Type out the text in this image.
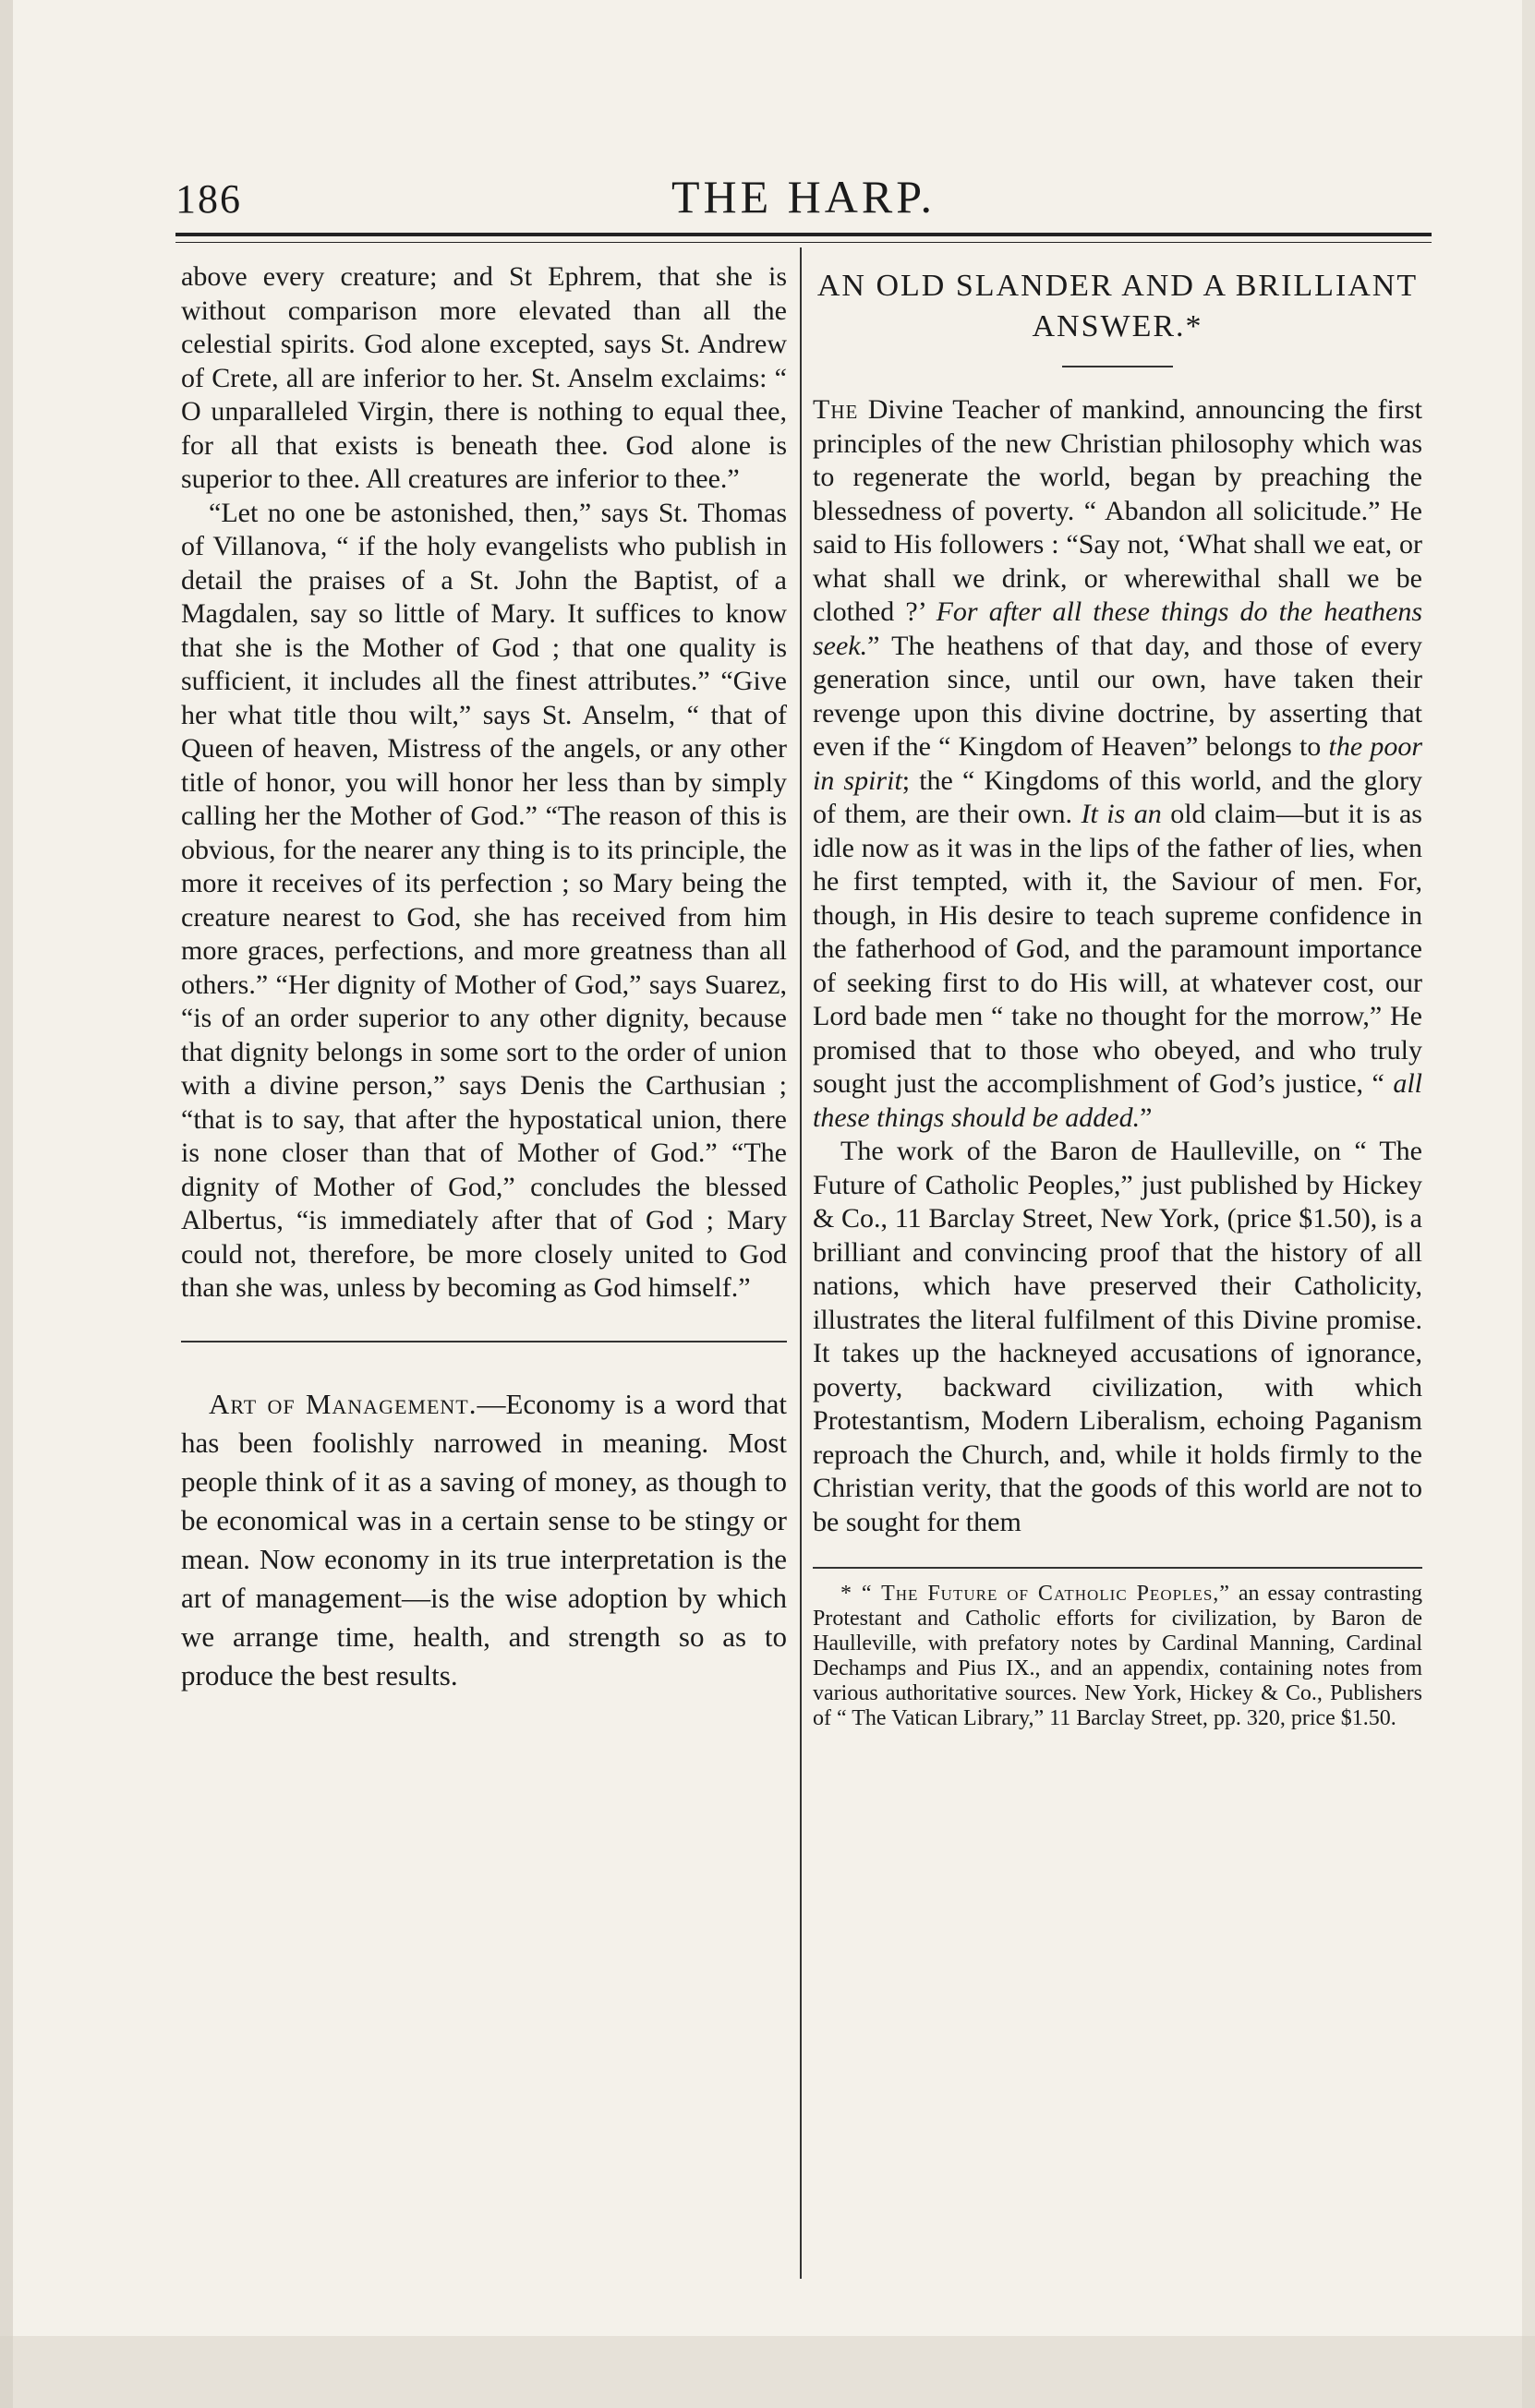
186	THE HARP.

above every creature; and St Ephrem, that she is without comparison more elevated than all the celestial spirits. God alone excepted, says St. Andrew of Crete, all are inferior to her. St. Anselm exclaims: “ O unparalleled Virgin, there is nothing to equal thee, for all that exists is beneath thee. God alone is superior to thee. All creatures are inferior to thee.”

“Let no one be astonished, then,” says St. Thomas of Villanova, “ if the holy evangelists who publish in detail the praises of a St. John the Baptist, of a Magdalen, say so little of Mary. It suffices to know that she is the Mother of God ; that one quality is sufficient, it includes all the finest attributes.” “Give her what title thou wilt,” says St. Anselm, “ that of Queen of heaven, Mistress of the angels, or any other title of honor, you will honor her less than by simply calling her the Mother of God.” “The reason of this is obvious, for the nearer any thing is to its principle, the more it receives of its perfection ; so Mary being the creature nearest to God, she has received from him more graces, perfections, and more greatness than all others.” “Her dignity of Mother of God,” says Suarez, “is of an order superior to any other dignity, because that dignity belongs in some sort to the order of union with a divine person,” says Denis the Carthusian ; “that is to say, that after the hypostatical union, there is none closer than that of Mother of God.” “The dignity of Mother of God,” concludes the blessed Albertus, “is immediately after that of God ; Mary could not, therefore, be more closely united to God than she was, unless by becoming as God himself.”

Art of Management.—Economy is a word that has been foolishly narrowed in meaning. Most people think of it as a saving of money, as though to be economical was in a certain sense to be stingy or mean. Now economy in its true interpretation is the art of management—is the wise adoption by which we arrange time, health, and strength so as to produce the best results.

AN OLD SLANDER AND A BRILLIANT ANSWER.*

The Divine Teacher of mankind, announcing the first principles of the new Christian philosophy which was to regenerate the world, began by preaching the blessedness of poverty. “ Abandon all solicitude.” He said to His followers : “Say not, ‘What shall we eat, or what shall we drink, or wherewithal shall we be clothed ?’ For after all these things do the heathens seek.” The heathens of that day, and those of every generation since, until our own, have taken their revenge upon this divine doctrine, by asserting that even if the “ Kingdom of Heaven” belongs to the poor in spirit; the “ Kingdoms of this world, and the glory of them, are their own. It is an old claim—but it is as idle now as it was in the lips of the father of lies, when he first tempted, with it, the Saviour of men. For, though, in His desire to teach supreme confidence in the fatherhood of God, and the paramount importance of seeking first to do His will, at whatever cost, our Lord bade men “ take no thought for the morrow,” He promised that to those who obeyed, and who truly sought just the accomplishment of God’s justice, “ all these things should be added.”

The work of the Baron de Haulleville, on “ The Future of Catholic Peoples,” just published by Hickey & Co., 11 Barclay Street, New York, (price $1.50), is a brilliant and convincing proof that the history of all nations, which have preserved their Catholicity, illustrates the literal fulfilment of this Divine promise. It takes up the hackneyed accusations of ignorance, poverty, backward civilization, with which Protestantism, Modern Liberalism, echoing Paganism reproach the Church, and, while it holds firmly to the Christian verity, that the goods of this world are not to be sought for them

* “ The Future of Catholic Peoples,” an essay contrasting Protestant and Catholic efforts for civilization, by Baron de Haulleville, with prefatory notes by Cardinal Manning, Cardinal Dechamps and Pius IX., and an appendix, containing notes from various authoritative sources. New York, Hickey & Co., Publishers of “ The Vatican Library,” 11 Barclay Street, pp. 320, price $1.50.
